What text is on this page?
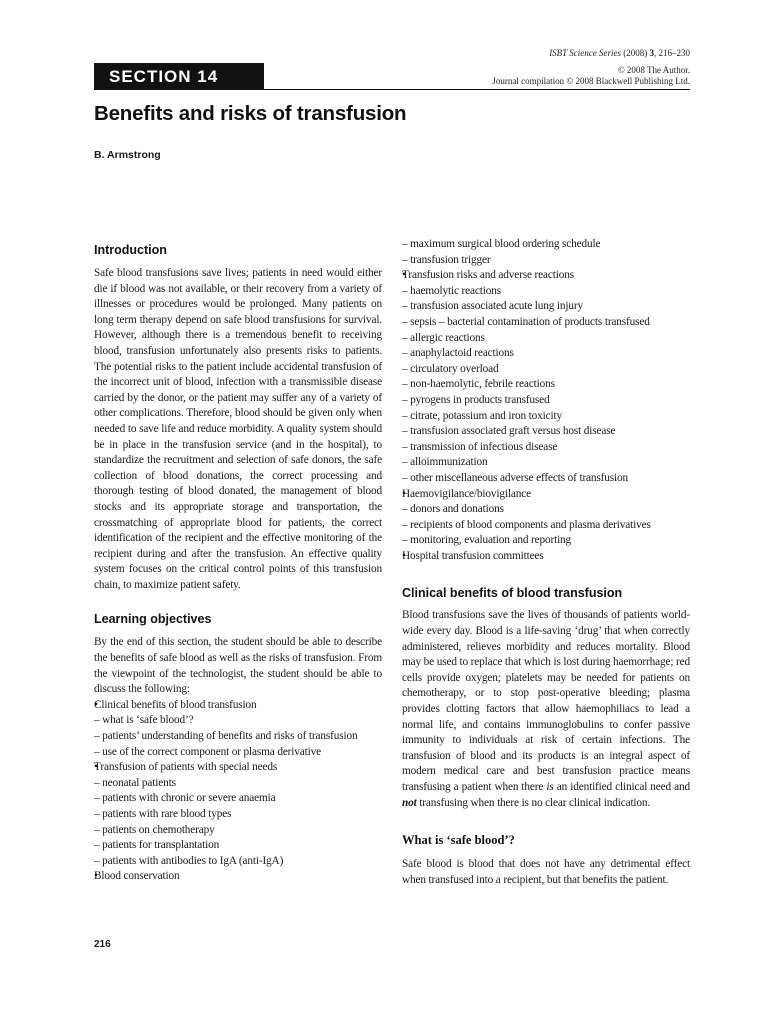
ISBT Science Series (2008) 3, 216–230
© 2008 The Author.
Journal compilation © 2008 Blackwell Publishing Ltd.
SECTION 14
Benefits and risks of transfusion
B. Armstrong
Introduction

Safe blood transfusions save lives; patients in need would either die if blood was not available, or their recovery from a variety of illnesses or procedures would be prolonged. Many patients on long term therapy depend on safe blood transfusions for survival. However, although there is a tremendous benefit to receiving blood, transfusion unfortunately also presents risks to patients. The potential risks to the patient include accidental transfusion of the incorrect unit of blood, infection with a transmissible disease carried by the donor, or the patient may suffer any of a variety of other complications. Therefore, blood should be given only when needed to save life and reduce morbidity. A quality system should be in place in the transfusion service (and in the hospital), to standardize the recruitment and selection of safe donors, the safe collection of blood donations, the correct processing and thorough testing of blood donated, the management of blood stocks and its appropriate storage and transportation, the crossmatching of appropriate blood for patients, the correct identification of the recipient and the effective monitoring of the recipient during and after the transfusion. An effective quality system focuses on the critical control points of this transfusion chain, to maximize patient safety.

Learning objectives

By the end of this section, the student should be able to describe the benefits of safe blood as well as the risks of transfusion. From the viewpoint of the technologist, the student should be able to discuss the following:

• Clinical benefits of blood transfusion
– what is ‘safe blood’?
– patients’ understanding of benefits and risks of transfusion
– use of the correct component or plasma derivative
• Transfusion of patients with special needs
– neonatal patients
– patients with chronic or severe anaemia
– patients with rare blood types
– patients on chemotherapy
– patients for transplantation
– patients with antibodies to IgA (anti-IgA)
• Blood conservation
– maximum surgical blood ordering schedule
– transfusion trigger
• Transfusion risks and adverse reactions
– haemolytic reactions
– transfusion associated acute lung injury
– sepsis – bacterial contamination of products transfused
– allergic reactions
– anaphylactoid reactions
– circulatory overload
– non-haemolytic, febrile reactions
– pyrogens in products transfused
– citrate, potassium and iron toxicity
– transfusion associated graft versus host disease
– transmission of infectious disease
– alloimmunization
– other miscellaneous adverse effects of transfusion
• Haemovigilance/biovigilance
– donors and donations
– recipients of blood components and plasma derivatives
– monitoring, evaluation and reporting
• Hospital transfusion committees
Clinical benefits of blood transfusion

Blood transfusions save the lives of thousands of patients world-wide every day. Blood is a life-saving ‘drug’ that when correctly administered, relieves morbidity and reduces mortality. Blood may be used to replace that which is lost during haemorrhage; red cells provide oxygen; platelets may be needed for patients on chemotherapy, or to stop post-operative bleeding; plasma provides clotting factors that allow haemophiliacs to lead a normal life, and contains immunoglobulins to confer passive immunity to individuals at risk of certain infections. The transfusion of blood and its products is an integral aspect of modern medical care and best transfusion practice means transfusing a patient when there is an identified clinical need and not transfusing when there is no clear clinical indication.

What is ‘safe blood’?

Safe blood is blood that does not have any detrimental effect when transfused into a recipient, but that benefits the patient.

216
